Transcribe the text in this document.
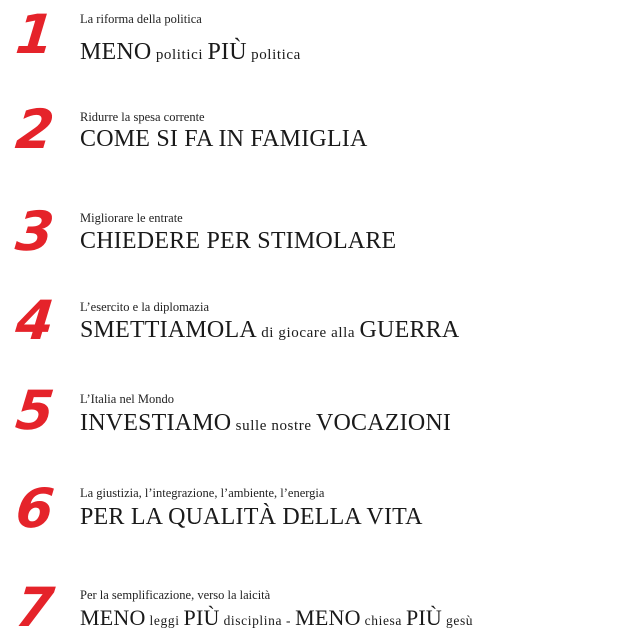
1	La riforma della politica
MENO politici PIÙ politica
2	Ridurre la spesa corrente
COME SI FA IN FAMIGLIA
3	Migliorare le entrate
CHIEDERE PER STIMOLARE
4	L’esercito e la diplomazia
SMETTIAMOLA di giocare alla GUERRA
5	L’Italia nel Mondo
INVESTIAMO sulle nostre VOCAZIONI
6	La giustizia, l’integrazione, l’ambiente, l’energia
PER LA QUALITÀ DELLA VITA
7	Per la semplificazione, verso la laicità
MENO leggi PIÙ disciplina - MENO chiesa PIÙ gesù
